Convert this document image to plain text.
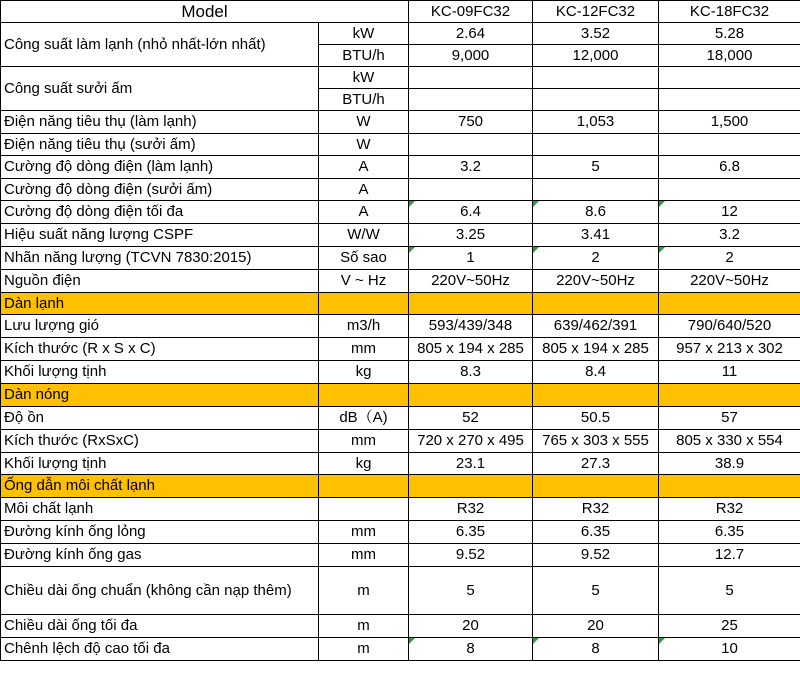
Model		KC-09FC32	KC-12FC32	KC-18FC32
Công suất làm lạnh (nhỏ nhất-lớn nhất)	kW	2.64	3.52	5.28
	BTU/h	9,000	12,000	18,000
Công suất sưởi ấm	kW			
	BTU/h			
Điện năng tiêu thụ (làm lạnh)	W	750	1,053	1,500
Điện năng tiêu thụ (sưởi ấm)	W			
Cường độ dòng điện (làm lạnh)	A	3.2	5	6.8
Cường độ dòng điện (sưởi ấm)	A			
Cường độ dòng điện tối đa	A	6.4	8.6	12
Hiệu suất năng lượng CSPF	W/W	3.25	3.41	3.2
Nhãn năng lượng (TCVN 7830:2015)	Số sao	1	2	2
Nguồn điện	V ~ Hz	220V~50Hz	220V~50Hz	220V~50Hz
Dàn lạnh				
Lưu lượng gió	m3/h	593/439/348	639/462/391	790/640/520
Kích thước (R x S x C)	mm	805 x 194 x 285	805 x 194 x 285	957 x 213 x 302
Khối lượng tịnh	kg	8.3	8.4	11
Dàn nóng				
Độ ồn	dB（A)	52	50.5	57
Kích thước (RxSxC)	mm	720 x 270 x 495	765 x 303 x 555	805 x 330 x 554
Khối lượng tịnh	kg	23.1	27.3	38.9
Ống dẫn môi chất lạnh				
Môi chất lạnh		R32	R32	R32
Đường kính ống lỏng	mm	6.35	6.35	6.35
Đường kính ống gas	mm	9.52	9.52	12.7
Chiều dài ống chuẩn (không cần nạp thêm)	m	5	5	5
Chiều dài ống tối đa	m	20	20	25
Chênh lệch độ cao tối đa	m	8	8	10
